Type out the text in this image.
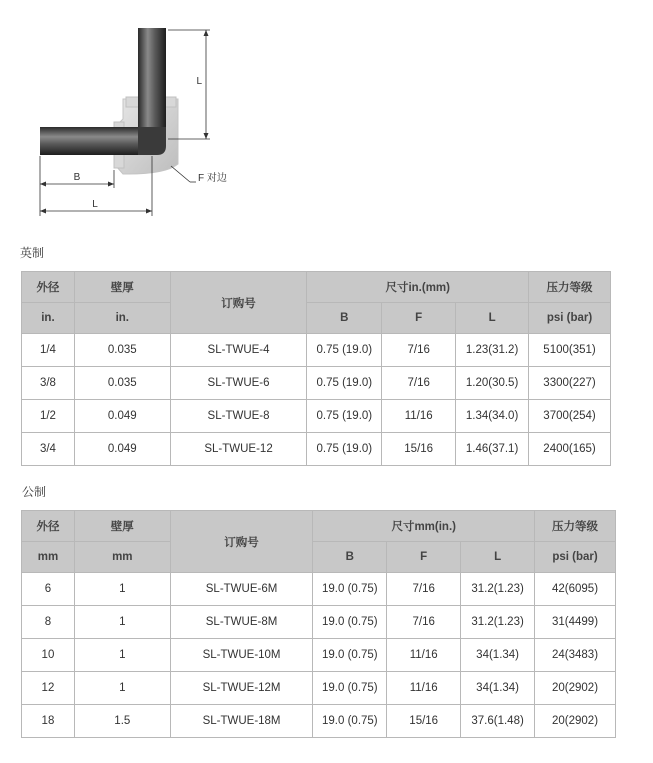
L
B
L
F 对边
英制
外径	壁厚	订购号	尺寸in.(mm)			压力等级
in.	in.		B	F	L	psi (bar)
1/4	0.035	SL-TWUE-4	0.75 (19.0)	7/16	1.23(31.2)	5100(351)
3/8	0.035	SL-TWUE-6	0.75 (19.0)	7/16	1.20(30.5)	3300(227)
1/2	0.049	SL-TWUE-8	0.75 (19.0)	11/16	1.34(34.0)	3700(254)
3/4	0.049	SL-TWUE-12	0.75 (19.0)	15/16	1.46(37.1)	2400(165)
公制
外径	壁厚	订购号	尺寸mm(in.)			压力等级
mm	mm		B	F	L	psi (bar)
6	1	SL-TWUE-6M	19.0 (0.75)	7/16	31.2(1.23)	42(6095)
8	1	SL-TWUE-8M	19.0 (0.75)	7/16	31.2(1.23)	31(4499)
10	1	SL-TWUE-10M	19.0 (0.75)	11/16	34(1.34)	24(3483)
12	1	SL-TWUE-12M	19.0 (0.75)	11/16	34(1.34)	20(2902)
18	1.5	SL-TWUE-18M	19.0 (0.75)	15/16	37.6(1.48)	20(2902)
